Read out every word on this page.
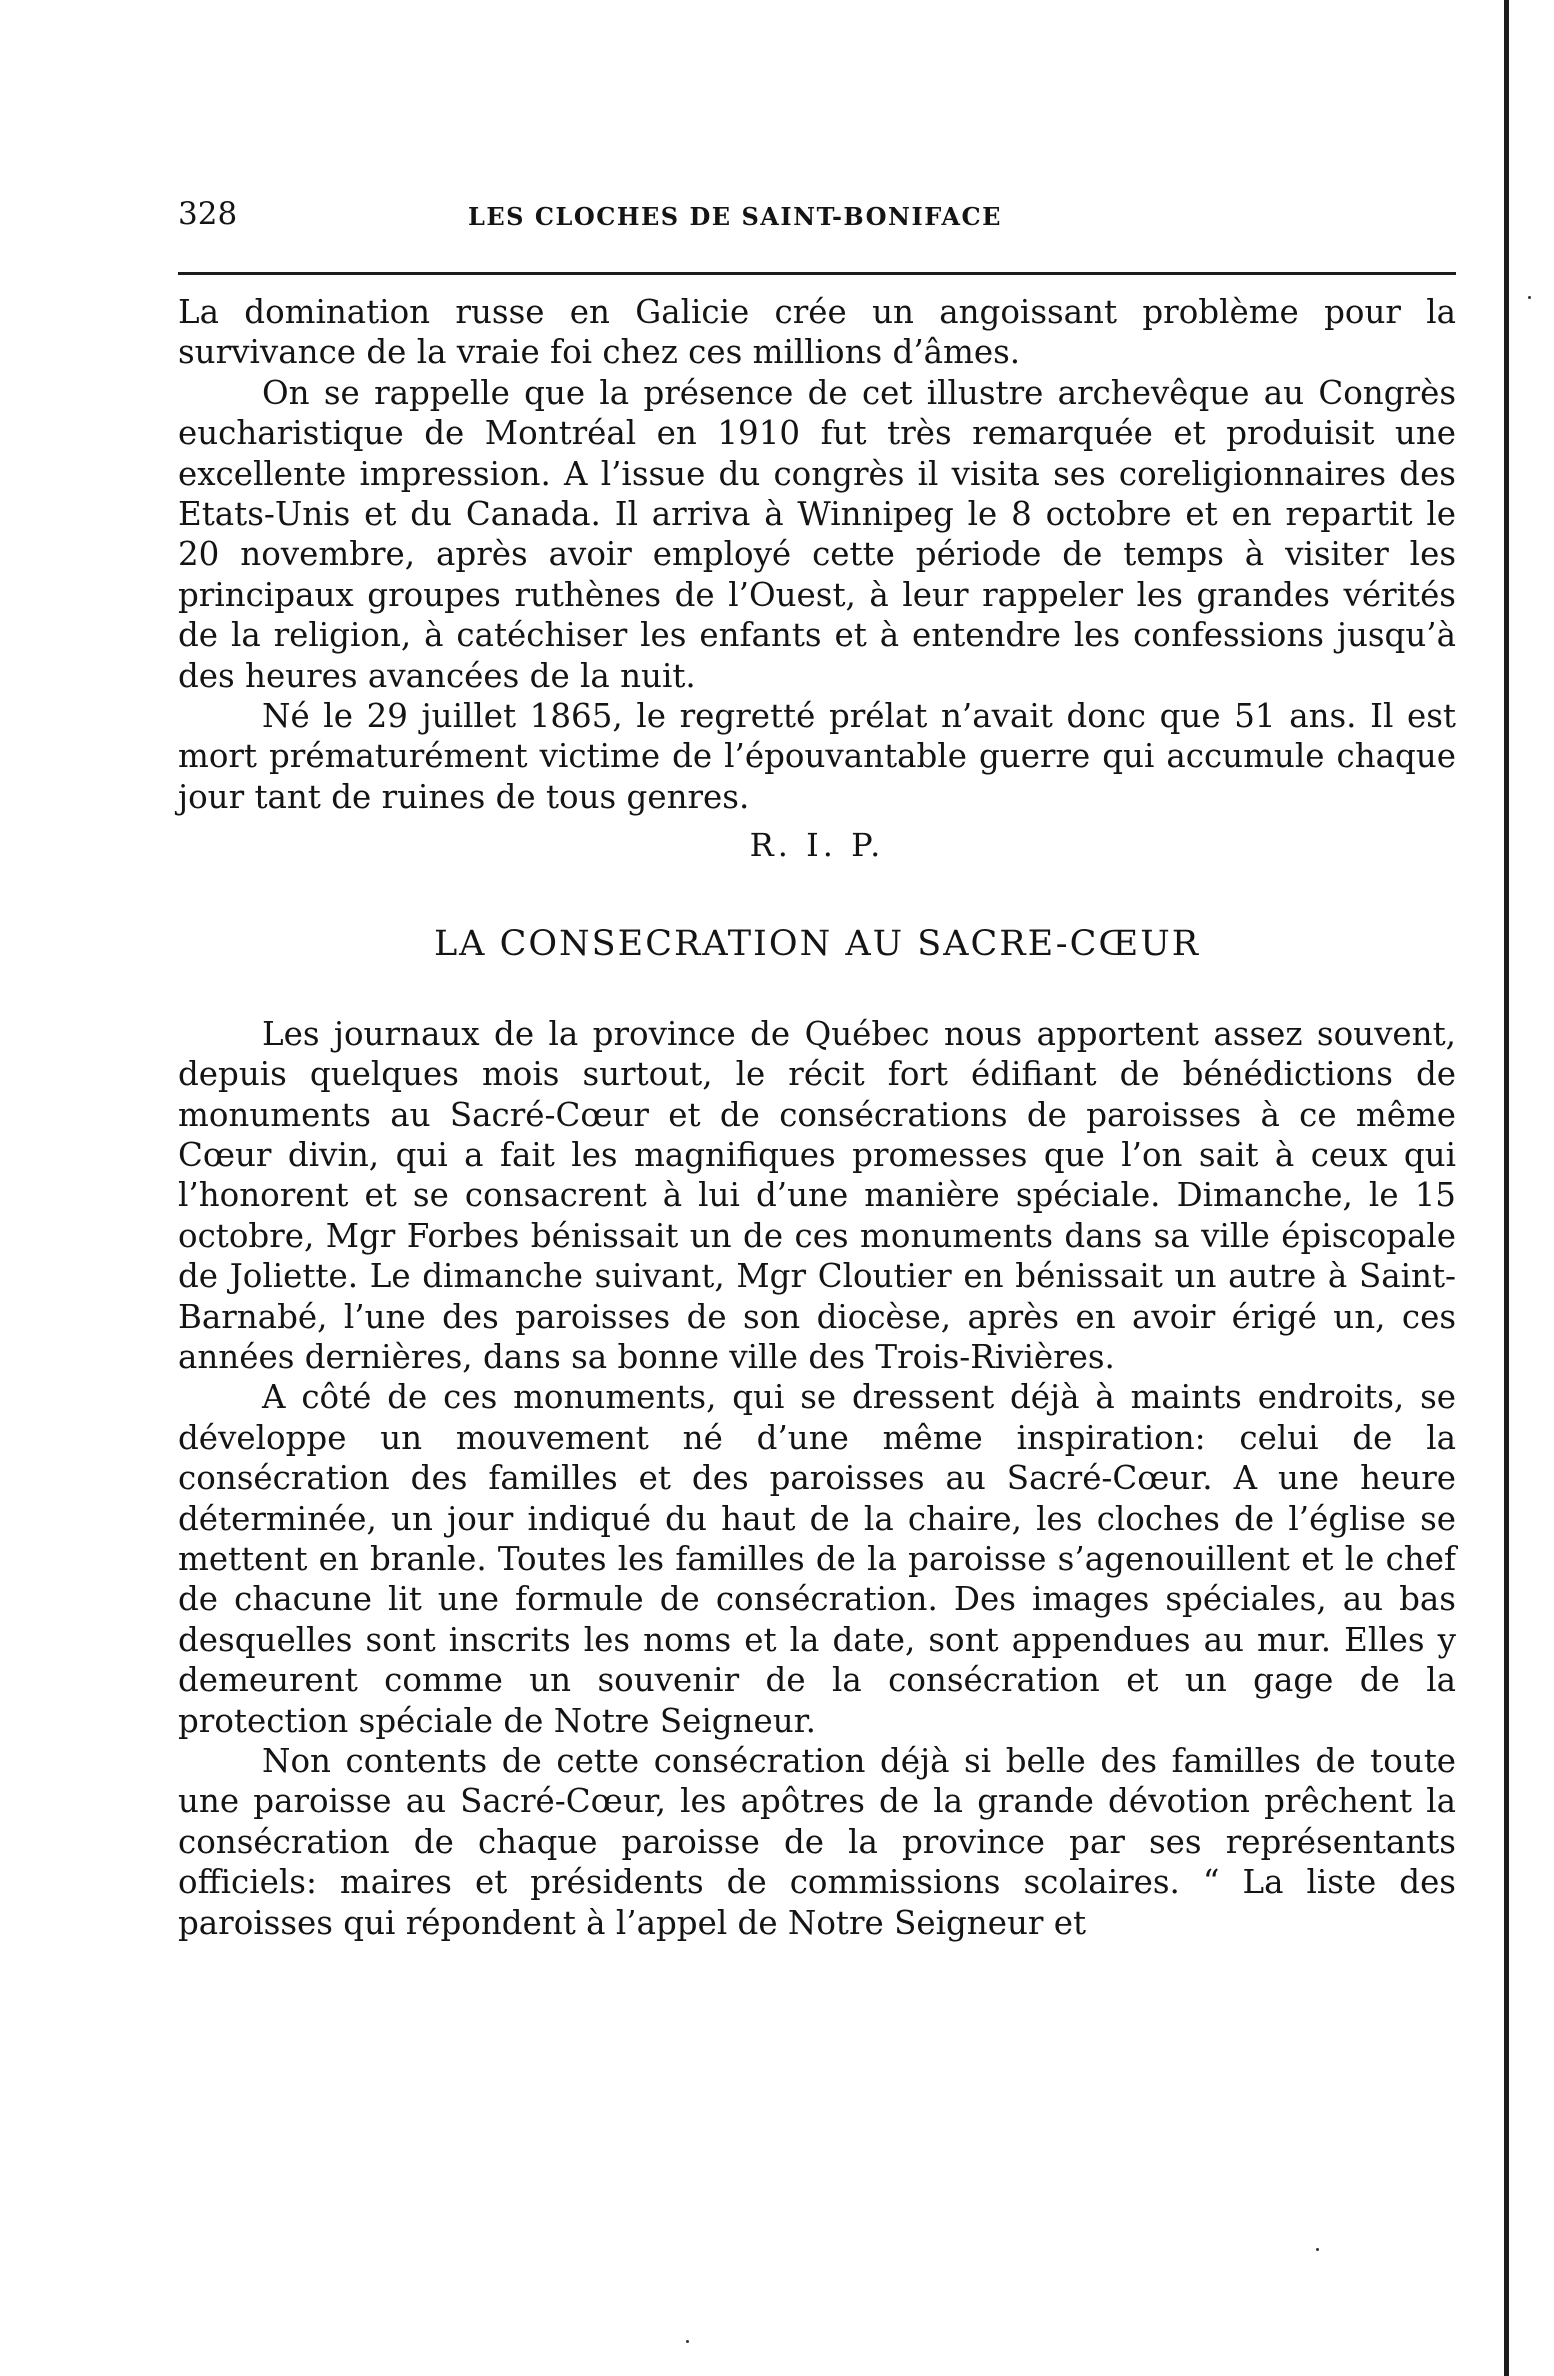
328	LES CLOCHES DE SAINT-BONIFACE

La domination russe en Galicie crée un angoissant problème pour la survivance de la vraie foi chez ces millions d’âmes.

On se rappelle que la présence de cet illustre archevêque au Congrès eucharistique de Montréal en 1910 fut très remarquée et produisit une excellente impression. A l’issue du congrès il visita ses coreligionnaires des Etats-Unis et du Canada. Il arriva à Winnipeg le 8 octobre et en repartit le 20 novembre, après avoir employé cette période de temps à visiter les principaux groupes ruthènes de l’Ouest, à leur rappeler les grandes vérités de la religion, à catéchiser les enfants et à entendre les confessions jusqu’à des heures avancées de la nuit.

Né le 29 juillet 1865, le regretté prélat n’avait donc que 51 ans. Il est mort prématurément victime de l’épouvantable guerre qui accumule chaque jour tant de ruines de tous genres.

R. I. P.
LA CONSECRATION AU SACRE-CŒUR

Les journaux de la province de Québec nous apportent assez souvent, depuis quelques mois surtout, le récit fort édifiant de bénédictions de monuments au Sacré-Cœur et de consécrations de paroisses à ce même Cœur divin, qui a fait les magnifiques promesses que l’on sait à ceux qui l’honorent et se consacrent à lui d’une manière spéciale. Dimanche, le 15 octobre, Mgr Forbes bénissait un de ces monuments dans sa ville épiscopale de Joliette. Le dimanche suivant, Mgr Cloutier en bénissait un autre à Saint-Barnabé, l’une des paroisses de son diocèse, après en avoir érigé un, ces années dernières, dans sa bonne ville des Trois-Rivières.

A côté de ces monuments, qui se dressent déjà à maints endroits, se développe un mouvement né d’une même inspiration: celui de la consécration des familles et des paroisses au Sacré-Cœur. A une heure déterminée, un jour indiqué du haut de la chaire, les cloches de l’église se mettent en branle. Toutes les familles de la paroisse s’agenouillent et le chef de chacune lit une formule de consécration. Des images spéciales, au bas desquelles sont inscrits les noms et la date, sont appendues au mur. Elles y demeurent comme un souvenir de la consécration et un gage de la protection spéciale de Notre Seigneur.

Non contents de cette consécration déjà si belle des familles de toute une paroisse au Sacré-Cœur, les apôtres de la grande dévotion prêchent la consécration de chaque paroisse de la province par ses représentants officiels: maires et présidents de commissions scolaires. “ La liste des paroisses qui répondent à l’appel de Notre Seigneur et
